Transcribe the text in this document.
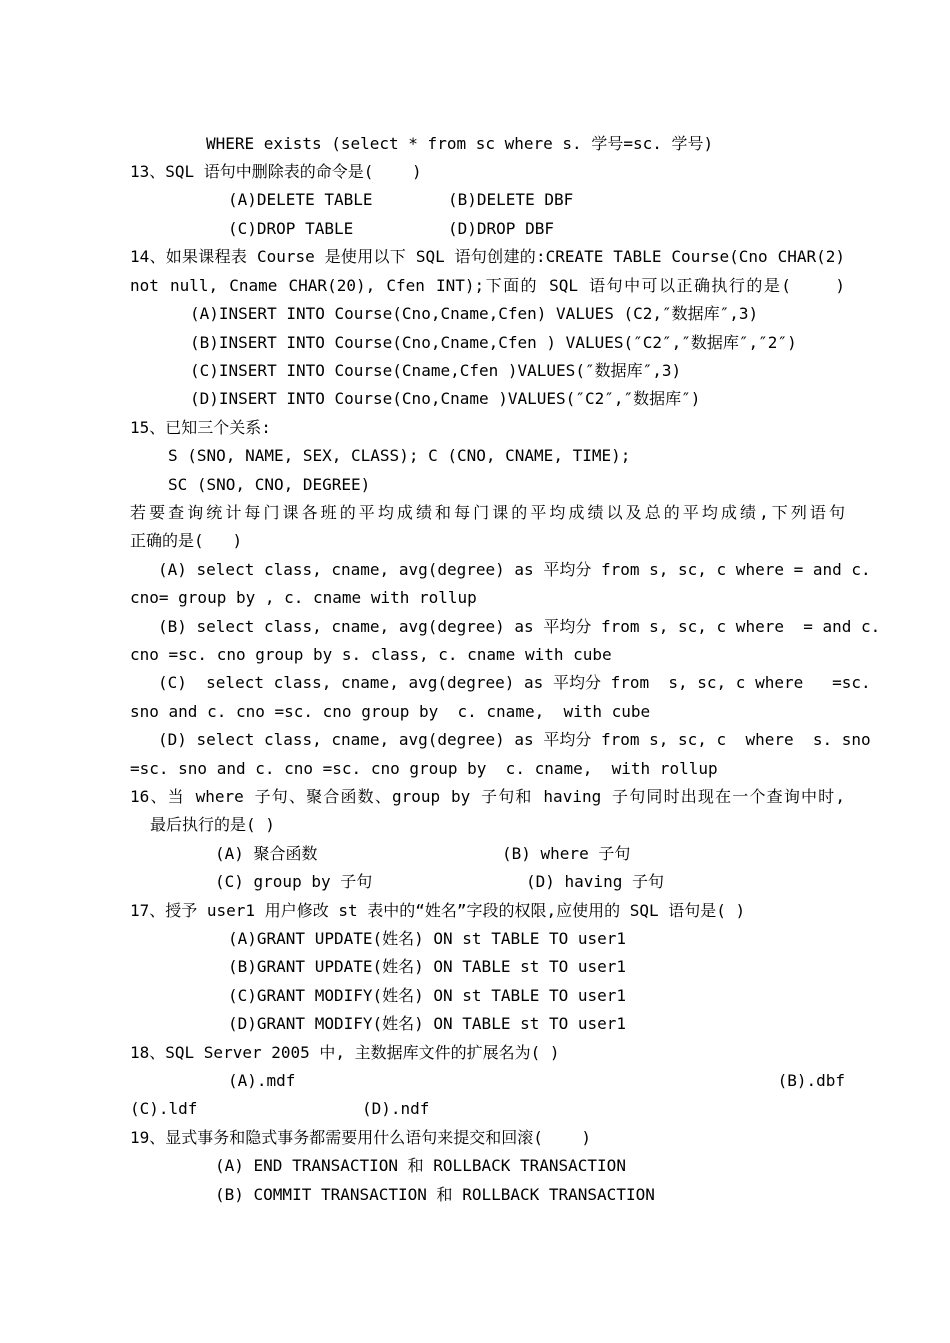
WHERE exists (select * from sc where s. 学号=sc. 学号)
13、SQL 语句中删除表的命令是(    )
(A)DELETE TABLE	(B)DELETE DBF
(C)DROP TABLE	(D)DROP DBF
14、如果课程表 Course 是使用以下 SQL 语句创建的:CREATE TABLE Course(Cno CHAR(2)
not null, Cname CHAR(20), Cfen INT);下面的 SQL 语句中可以正确执行的是(    )
(A)INSERT INTO Course(Cno,Cname,Cfen) VALUES (C2,″数据库″,3)
(B)INSERT INTO Course(Cno,Cname,Cfen ) VALUES(″C2″,″数据库″,″2″)
(C)INSERT INTO Course(Cname,Cfen )VALUES(″数据库″,3)
(D)INSERT INTO Course(Cno,Cname )VALUES(″C2″,″数据库″)
15、已知三个关系:
S (SNO, NAME, SEX, CLASS); C (CNO, CNAME, TIME);
SC (SNO, CNO, DEGREE)
若要查询统计每门课各班的平均成绩和每门课的平均成绩以及总的平均成绩,下列语句
正确的是(   )
(A) select class, cname, avg(degree) as 平均分 from s, sc, c where = and c.
cno= group by , c. cname with rollup
(B) select class, cname, avg(degree) as 平均分 from s, sc, c where  = and c.
cno =sc. cno group by s. class, c. cname with cube
(C)  select class, cname, avg(degree) as 平均分 from  s, sc, c where   =sc.
sno and c. cno =sc. cno group by  c. cname,  with cube
(D) select class, cname, avg(degree) as 平均分 from s, sc, c  where  s. sno
=sc. sno and c. cno =sc. cno group by  c. cname,  with rollup
16、当 where 子句、聚合函数、group by 子句和 having 子句同时出现在一个查询中时,
最后执行的是( )
(A) 聚合函数	(B) where 子句
(C) group by 子句	(D) having 子句
17、授予 user1 用户修改 st 表中的“姓名”字段的权限,应使用的 SQL 语句是( )
(A)GRANT UPDATE(姓名) ON st TABLE TO user1
(B)GRANT UPDATE(姓名) ON TABLE st TO user1
(C)GRANT MODIFY(姓名) ON st TABLE TO user1
(D)GRANT MODIFY(姓名) ON TABLE st TO user1
18、SQL Server 2005 中, 主数据库文件的扩展名为( )
(A).mdf	(B).dbf
(C).ldf	(D).ndf
19、显式事务和隐式事务都需要用什么语句来提交和回滚(    )
(A) END TRANSACTION 和 ROLLBACK TRANSACTION
(B) COMMIT TRANSACTION 和 ROLLBACK TRANSACTION
